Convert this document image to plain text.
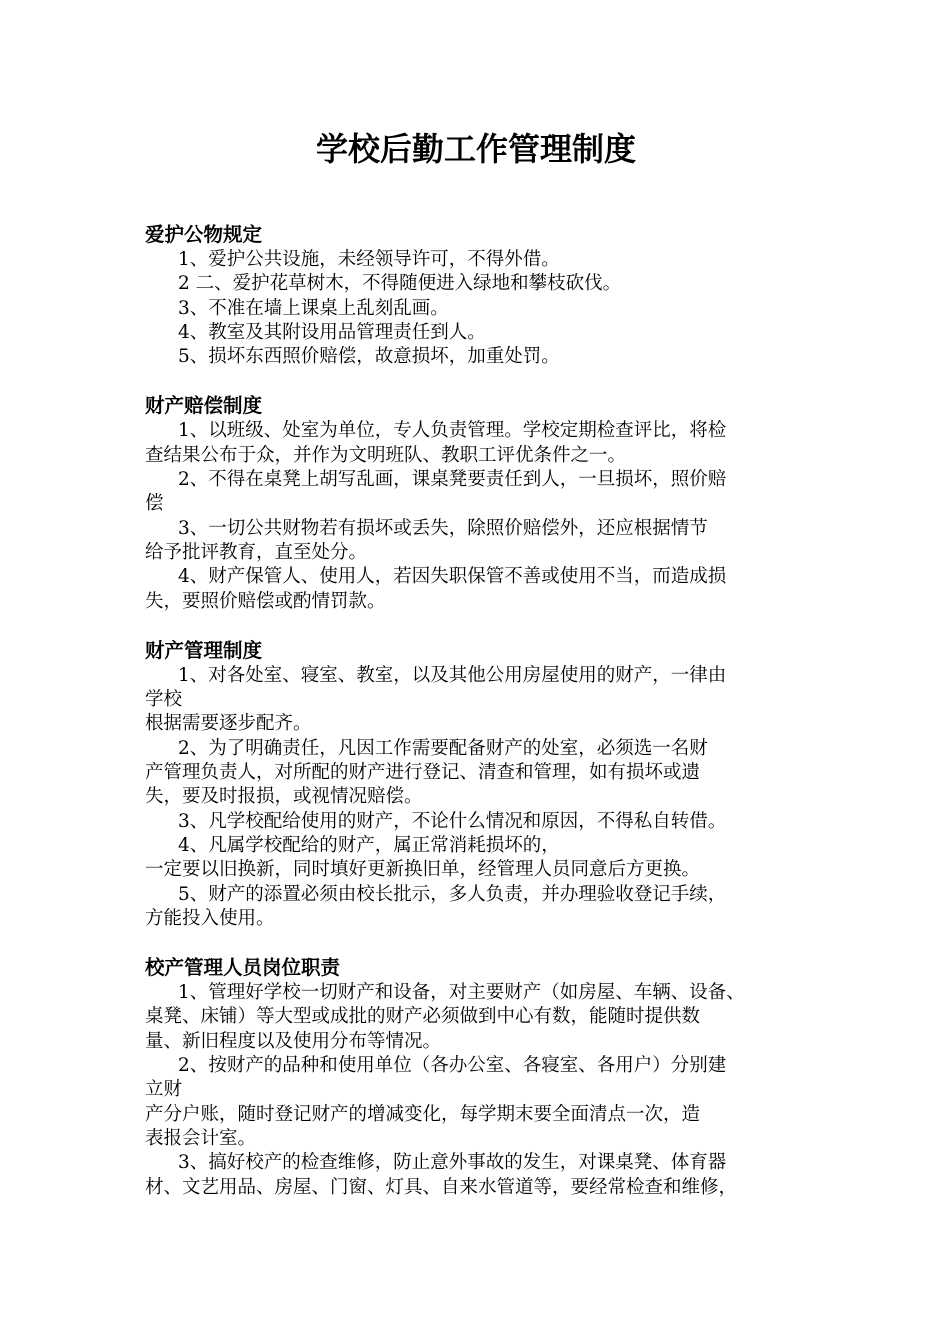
学校后勤工作管理制度
爱护公物规定
1、爱护公共设施，未经领导许可，不得外借。
2 二、爱护花草树木，不得随便进入绿地和攀枝砍伐。
3、不准在墙上课桌上乱刻乱画。
4、教室及其附设用品管理责任到人。
5、损坏东西照价赔偿，故意损坏，加重处罚。
财产赔偿制度
1、以班级、处室为单位，专人负责管理。学校定期检查评比，将检
查结果公布于众，并作为文明班队、教职工评优条件之一。
2、不得在桌凳上胡写乱画，课桌凳要责任到人，一旦损坏，照价赔
偿
3、一切公共财物若有损坏或丢失，除照价赔偿外，还应根据情节
给予批评教育，直至处分。
4、财产保管人、使用人，若因失职保管不善或使用不当，而造成损
失，要照价赔偿或酌情罚款。
财产管理制度
1、对各处室、寝室、教室，以及其他公用房屋使用的财产，一律由
学校
根据需要逐步配齐。
2、为了明确责任，凡因工作需要配备财产的处室，必须选一名财
产管理负责人，对所配的财产进行登记、清查和管理，如有损坏或遗
失，要及时报损，或视情况赔偿。
3、凡学校配给使用的财产，不论什么情况和原因，不得私自转借。
4、凡属学校配给的财产，属正常消耗损坏的，
一定要以旧换新，同时填好更新换旧单，经管理人员同意后方更换。
5、财产的添置必须由校长批示，多人负责，并办理验收登记手续，
方能投入使用。
校产管理人员岗位职责
1、管理好学校一切财产和设备，对主要财产（如房屋、车辆、设备、
桌凳、床铺）等大型或成批的财产必须做到中心有数，能随时提供数
量、新旧程度以及使用分布等情况。
2、按财产的品种和使用单位（各办公室、各寝室、各用户）分别建
立财
产分户账，随时登记财产的增减变化，每学期末要全面清点一次，造
表报会计室。
3、搞好校产的检查维修，防止意外事故的发生，对课桌凳、体育器
材、文艺用品、房屋、门窗、灯具、自来水管道等，要经常检查和维修，
